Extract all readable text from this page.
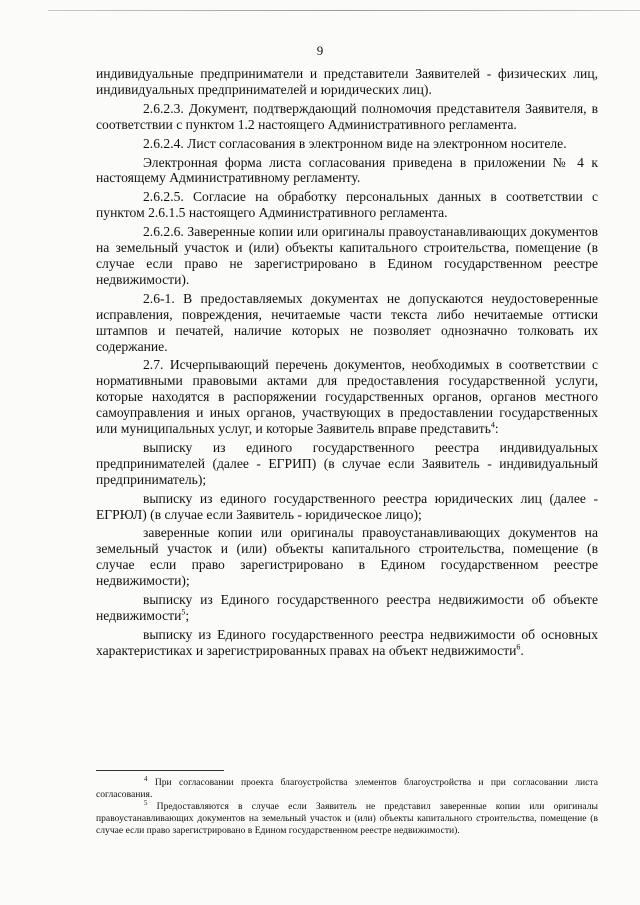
9

индивидуальные предприниматели и представители Заявителей - физических лиц, индивидуальных предпринимателей и юридических лиц).

2.6.2.3. Документ, подтверждающий полномочия представителя Заявителя, в соответствии с пунктом 1.2 настоящего Административного регламента.

2.6.2.4. Лист согласования в электронном виде на электронном носителе.

Электронная форма листа согласования приведена в приложении № 4 к настоящему Административному регламенту.

2.6.2.5. Согласие на обработку персональных данных в соответствии с пунктом 2.6.1.5 настоящего Административного регламента.

2.6.2.6. Заверенные копии или оригиналы правоустанавливающих документов на земельный участок и (или) объекты капитального строительства, помещение (в случае если право не зарегистрировано в Едином государственном реестре недвижимости).

2.6-1. В предоставляемых документах не допускаются неудостоверенные исправления, повреждения, нечитаемые части текста либо нечитаемые оттиски штампов и печатей, наличие которых не позволяет однозначно толковать их содержание.

2.7. Исчерпывающий перечень документов, необходимых в соответствии с нормативными правовыми актами для предоставления государственной услуги, которые находятся в распоряжении государственных органов, органов местного самоуправления и иных органов, участвующих в предоставлении государственных или муниципальных услуг, и которые Заявитель вправе представить$^4$:

выписку из единого государственного реестра индивидуальных предпринимателей (далее - ЕГРИП) (в случае если Заявитель - индивидуальный предприниматель);

выписку из единого государственного реестра юридических лиц (далее - ЕГРЮЛ) (в случае если Заявитель - юридическое лицо);

заверенные копии или оригиналы правоустанавливающих документов на земельный участок и (или) объекты капитального строительства, помещение (в случае если право зарегистрировано в Едином государственном реестре недвижимости);

выписку из Единого государственного реестра недвижимости об объекте недвижимости$^5$;

выписку из Единого государственного реестра недвижимости об основных характеристиках и зарегистрированных правах на объект недвижимости$^6$.

$^4$ При согласовании проекта благоустройства элементов благоустройства и при согласовании листа согласования.

$^5$ Предоставляются в случае если Заявитель не представил заверенные копии или оригиналы правоустанавливающих документов на земельный участок и (или) объекты капитального строительства, помещение (в случае если право зарегистрировано в Едином государственном реестре недвижимости).
